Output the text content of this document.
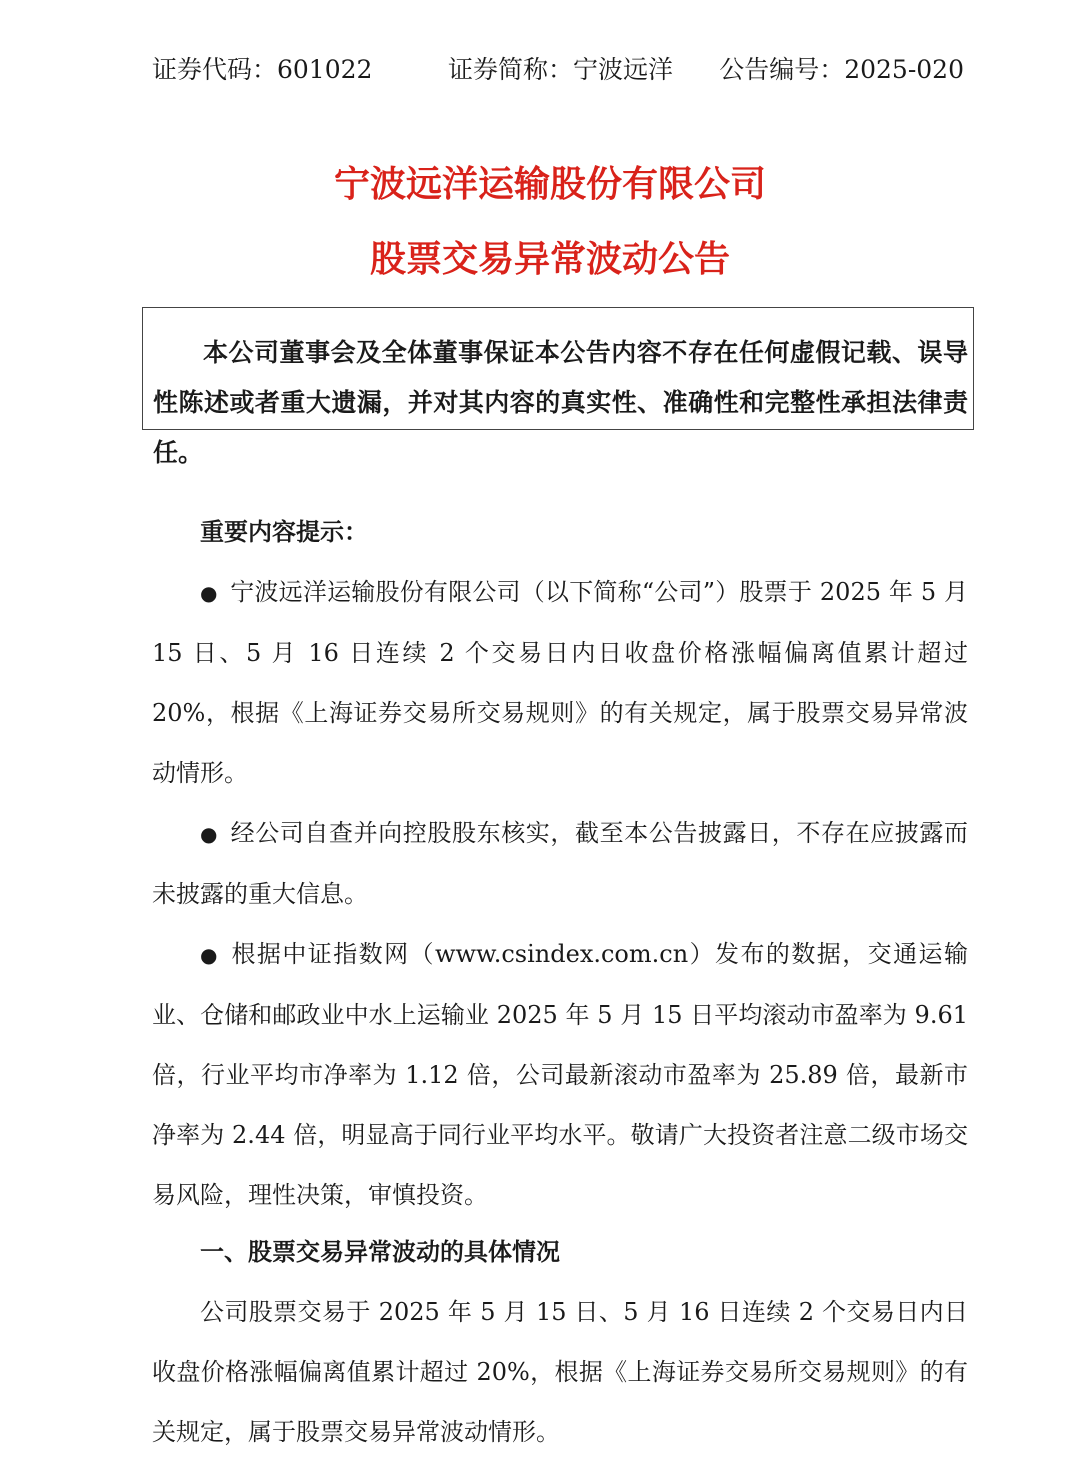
证券代码：601022	证券简称：宁波远洋 公告编号：2025-020
宁波远洋运输股份有限公司
股票交易异常波动公告
本公司董事会及全体董事保证本公告内容不存在任何虚假记载、误导性陈述或者重大遗漏，并对其内容的真实性、准确性和完整性承担法律责任。
重要内容提示：
● 宁波远洋运输股份有限公司（以下简称“公司”）股票于 2025 年 5 月 15 日、5 月 16 日连续 2 个交易日内日收盘价格涨幅偏离值累计超过 20%，根据《上海证券交易所交易规则》的有关规定，属于股票交易异常波动情形。
● 经公司自查并向控股股东核实，截至本公告披露日，不存在应披露而未披露的重大信息。
● 根据中证指数网（www.csindex.com.cn）发布的数据，交通运输业、仓储和邮政业中水上运输业 2025 年 5 月 15 日平均滚动市盈率为 9.61 倍，行业平均市净率为 1.12 倍，公司最新滚动市盈率为 25.89 倍，最新市净率为 2.44 倍，明显高于同行业平均水平。敬请广大投资者注意二级市场交易风险，理性决策，审慎投资。
一、股票交易异常波动的具体情况
公司股票交易于 2025 年 5 月 15 日、5 月 16 日连续 2 个交易日内日收盘价格涨幅偏离值累计超过 20%，根据《上海证券交易所交易规则》的有关规定，属于股票交易异常波动情形。
